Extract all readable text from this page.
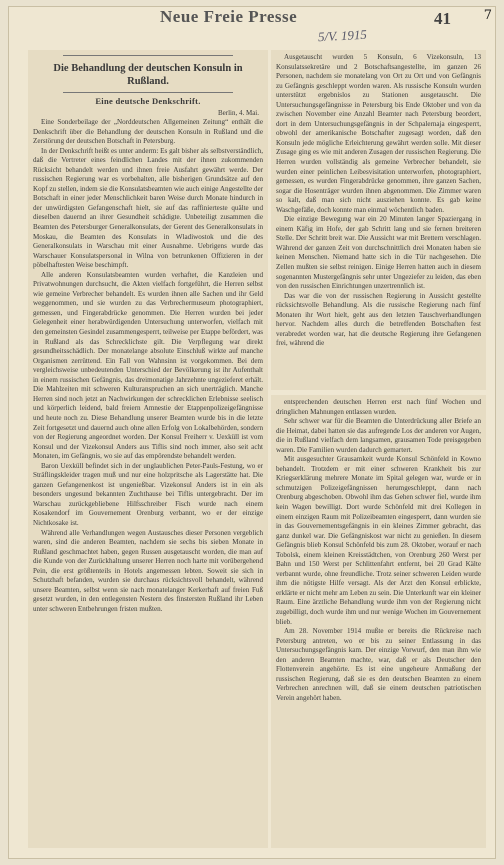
7
Neue Freie Presse	41
5/V. 1915
Die Behandlung der deutschen Konsuln in Rußland.
Eine deutsche Denkschrift.
Berlin, 4. Mai.

Eine Sonderbeilage der „Norddeutschen Allgemeinen Zeitung“ enthält die Denkschrift über die Behandlung der deutschen Konsuln in Rußland und die Zerstörung der deutschen Botschaft in Petersburg.

In der Denkschrift heißt es unter anderm: Es galt bisher als selbstverständlich, daß die Vertreter eines feindlichen Landes mit der ihnen zukommenden Rücksicht behandelt werden und ihnen freie Ausfahrt gewährt werde. Der russischen Regierung war es vorbehalten, alle bisherigen Grundsätze auf den Kopf zu stellen, indem sie die Konsulatsbeamten wie auch einige Angestellte der Botschaft in einer jeder Menschlichkeit baren Weise durch Monate hindurch in der unwürdigsten Gefangenschaft hielt, sie auf das raffinierteste quälte und dieselben dauernd an ihrer Gesundheit schädigte. Unbeteiligt zusammen die Beamten des Petersburger Generalkonsulats, der Gerent des Generalkonsulats in Moskau, die Beamten des Konsulats in Wladiwostok und die des Generalkonsulats in Warschau mit einer Ausnahme. Uebrigens wurde das Warschauer Konsulatspersonal in Wilna von betrunkenen Offizieren in der pöbelhaftesten Weise beschimpft.

Alle anderen Konsulatsbeamten wurden verhaftet, die Kanzleien und Privatwohnungen durchsucht, die Akten vielfach fortgeführt, die Herren selbst wie gemeine Verbrecher behandelt. Es wurden ihnen alle Sachen und ihr Geld weggenommen, und sie wurden zu das Verbrechermuseum photographiert, gemessen, und Fingerabdrücke genommen. Die Herren wurden bei jeder Gelegenheit einer herabwürdigenden Untersuchung unterworfen, vielfach mit den gemeinsten Gesindel zusammengesperrt, teilweise per Etappe befördert, was in Rußland als das Schrecklichste gilt. Die Verpflegung war direkt gesundheitsschädlich. Der monatelange absolute Einschluß wirkte auf manche Organismen zerrüttend. Ein Fall von Wahnsinn ist vorgekommen. Bei dem vergleichsweise unbedeutenden Unterschied der Bevölkerung ist ihr Aufenthalt in einem russischen Gefängnis, das dreimonatige Jahrzehnte ungezieferet erhält. Die Mahlzeiten mit schweren Kulturanspruchen an sich unerträglich. Manche Herren sind noch jetzt an Nachwirkungen der schrecklichen Erlebnisse seelisch und körperlich leidend, bald freiern Amnestie der Etappenpolizeigefängnisse und heute noch zu. Diese Behandlung unserer Beamten wurde bis in die letzte Zeit fortgesetzt und dauernd auch ohne allen Erfolg von Lokalbehörden, sondern von der Regierung angeordnet worden. Der Konsul Freiherr v. Uexküll ist vom Konsul und der Vizekonsul Anders aus Tiflis sind noch immer, also seit acht Monaten, im Gefängnis, wo sie auf das empörendste behandelt werden.

Baron Uexküll befindet sich in der unglaublichen Peter-Pauls-Festung, wo er Sträflingskleider tragen muß und nur eine holzpritsche als Lagerstätte hat. Die ganzen Gefangenenkost ist ungenießbar. Vizekonsul Anders ist in ein als besonders ungesund bekannten Zuchthause bei Tiflis untergebracht. Der im Warschau zurückgebliebene Hilfsschreiber Fisch wurde nach einem Kosakendorf im Gouvernement Orenburg verbannt, wo er der einzige Nichtkosake ist.

Während alle Verhandlungen wegen Austausches dieser Personen vergeblich waren, sind die anderen Beamten, nachdem sie sechs bis sieben Monate in Rußland geschmachtet haben, gegen Russen ausgetauscht worden, die man auf die Kunde von der Zurückhaltung unserer Herren noch harte mit vorübergehend Pein, die erst größtenteils in Hotels angemessen lebten. Soweit sie sich in Schutzhaft befanden, wurden sie durchaus rücksichtsvoll behandelt, während unsere Beamten, selbst wenn sie nach monatelanger Kerkerhaft auf freien Fuß gesetzt wurden, in den entlegensten Nestern des finstersten Rußland ihr Leben unter schweren Entbehrungen fristen mußten.

Ausgetauscht wurden 5 Konsuln, 6 Vizekonsuln, 13 Konsulatssekretäre und 2 Botschaftsangestellte, im ganzen 26 Personen, nachdem sie monatelang von Ort zu Ort und von Gefängnis zu Gefängnis geschleppt worden waren. Als russische Konsuln wurden unterstützt ergebnislos zu Stationen ausgetauscht. Die Untersuchungsgefängnisse in Petersburg bis Ende Oktober und von da zwischen November eine Anzahl Beamter nach Petersburg beordert, dort in dem Untersuchungsgefängnis in der Schpalernaja eingesperrt, obwohl der amerikanische Botschafter zugesagt worden, daß den Konsuln jede mögliche Erleichterung gewährt werden solle. Mit dieser Zusage ging es wie mit anderen Zusagen der russischen Regierung. Die Herren wurden vollständig als gemeine Verbrecher behandelt, sie wurden einer peinlichen Leibesvisitation unterworfen, photographiert, gemessen, es wurden Fingerabdrücke genommen, ihre ganzen Sachen, sogar die Hosenträger wurden ihnen abgenommen. Die Zimmer waren so kalt, daß man sich nicht ausziehen konnte. Es gab keine Waschgefäße, doch konnte man einmal wöchentlich baden.

Die einzige Bewegung war ein 20 Minuten langer Spaziergang in einem Käfig im Hofe, der gab Schritt lang und sie fernen breiteren Stelle. Der Schritt breit war. Die Aussicht war mit Brettern verschlagen. Während der ganzen Zeit von durchschnittlich drei Monaten haben sie keinen Menschen. Niemand hatte sich in die Tür nachgesehen. Die Zellen mußten sie selbst reinigen. Einige Herren hatten auch in diesem sogenannten Mustergefängnis sehr unter Ungeziefer zu leiden, das eben von den russischen Einrichtungen unzertrennlich ist.

Das war die von der russischen Regierung in Aussicht gestellte rücksichtsvolle Behandlung. Als die russische Regierung nach fünf Monaten ihr Wort hielt, geht aus den letzten Tauschverhandlungen hervor. Nachdem alles durch die betreffenden Botschaften fest verabredet worden war, hat die deutsche Regierung ihre Gefangenen frei, während die

entsprechenden deutschen Herren erst nach fünf Wochen und dringlichen Mahnungen entlassen wurden.

Sehr schwer war für die Beamten die Unterdrückung aller Briefe an die Heimat, dabei hatten sie das aufregende Los der anderen vor Augen, die in Rußland vielfach dem langsamen, grausamen Tode preisgegeben waren. Die Familien wurden dadurch gemartert.

Mit ausgesuchter Grausamkeit wurde Konsul Schönfeld in Kowno behandelt. Trotzdem er mit einer schweren Krankheit bis zur Kriegserklärung mehrere Monate im Spital gelegen war, wurde er in schmutzigen Polizeigefängnissen herumgeschleppt, dann nach Orenburg abgeschoben. Obwohl ihm das Gehen schwer fiel, wurde ihm kein Wagen bewilligt. Dort wurde Schönfeld mit drei Kollegen in einem einzigen Raum mit Polizeibeamten eingesperrt, dann wurden sie in das Gouvernementsgefängnis in ein kleines Zimmer gebracht, das ganz dunkel war. Die Gefängniskost war nicht zu genießen. In diesem Gefängnis blieb Konsul Schönfeld bis zum 28. Oktober, worauf er nach Tobolsk, einem kleinen Kreisstädtchen, von Orenburg 260 Werst per Bahn und 150 Werst per Schlittenfahrt entfernt, bei 20 Grad Kälte verbannt wurde, ohne freundliche. Trotz seiner schweren Leiden wurde ihm die nötigste Hilfe versagt. Als der Arzt den Konsul erblickte, erklärte er nicht mehr am Leben zu sein. Die Unterkunft war ein kleiner Raum. Eine ärztliche Behandlung wurde ihm von der Regierung nicht zugebilligt, doch wurde ihm und nur wenige Wochen im Gouvernement blieb.

Am 28. November 1914 mußte er bereits die Rückreise nach Petersburg antreten, wo er bis zu seiner Entlassung in das Untersuchungsgefängnis kam. Der einzige Vorwurf, den man ihm wie den anderen Beamten machte, war, daß er als Deutscher den Flottenverein angehörte. Es ist eine ungeheure Anmaßung der russischen Regierung, daß sie es den deutschen Beamten zu einem Verbrechen anrechnen will, daß sie einem deutschen patriotischen Verein angehört haben.
